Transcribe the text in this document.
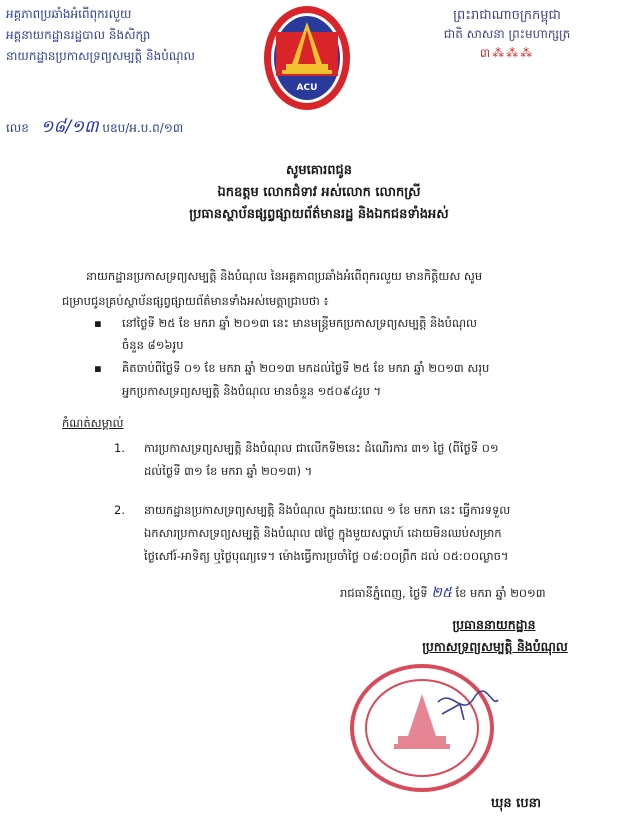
អគ្គភាពប្រឆាំងអំពើពុករលួយ
អគ្គនាយកដ្ឋានរដ្ឋបាល និងសិក្សា
នាយកដ្ឋានប្រកាសទ្រព្យសម្បត្តិ និងបំណុល
លេខ ១៨/១៣ បឧប/អ.ប.ព/១៣
ACU
ព្រះរាជាណាចក្រកម្ពុជា
ជាតិ សាសនា ព្រះមហាក្សត្រ
៣⁂⁂⁂
សូមគោរពជូន
ឯកឧត្តម លោកជំទាវ អស់លោក លោកស្រី
ប្រធានស្ថាប័នផ្សព្វផ្សាយព័ត៌មានរដ្ឋ និងឯកជនទាំងអស់
នាយកដ្ឋានប្រកាសទ្រព្យសម្បត្តិ និងបំណុល នៃអគ្គភាពប្រឆាំងអំពើពុករលួយ មានកិត្តិយស សូម
ជម្រាបជូនគ្រប់ស្ថាប័នផ្សព្វផ្សាយព័ត៌មានទាំងអស់មេត្តាជ្រាបថា ៖
▪ នៅថ្ងៃទី ២៥ ខែ មករា ឆ្នាំ ២០១៣ នេះ មានមន្ត្រីមកប្រកាសទ្រព្យសម្បត្តិ និងបំណុល
ចំនួន ៨១៦រូប
▪ គិតចាប់ពីថ្ងៃទី ០១ ខែ មករា ឆ្នាំ ២០១៣ មកដល់ថ្ងៃទី ២៥ ខែ មករា ឆ្នាំ ២០១៣ សរុប
អ្នកប្រកាសទ្រព្យសម្បត្តិ និងបំណុល មានចំនួន ១៥០៩៤រូប ។
កំណត់សម្គាល់
1. ការប្រកាសទ្រព្យសម្បត្តិ និងបំណុល ជាលើកទី២នេះ ដំណើរការ ៣១ ថ្ងៃ (ពីថ្ងៃទី ០១
ដល់ថ្ងៃទី ៣១ ខែ មករា ឆ្នាំ ២០១៣) ។
2. នាយកដ្ឋានប្រកាសទ្រព្យសម្បត្តិ និងបំណុល ក្នុងរយៈពេល ១ ខែ មករា នេះ ធ្វើការទទួល
ឯកសារប្រកាសទ្រព្យសម្បត្តិ និងបំណុល ៧ថ្ងៃ ក្នុងមួយសប្តាហ៍ ដោយមិនឈប់សម្រាក
ថ្ងៃសៅរ៍-អាទិត្យ ឬថ្ងៃបុណ្យទេ។ ម៉ោងធ្វើការប្រចាំថ្ងៃ ០៨:០០ព្រឹក ដល់ ០៥:០០ល្ងាច។
រាជធានីភ្នំពេញ, ថ្ងៃទី ២៥ ខែ មករា ឆ្នាំ ២០១៣
ប្រធាននាយកដ្ឋាន
ប្រកាសទ្រព្យសម្បត្តិ និងបំណុល
ឃុន បេនា
